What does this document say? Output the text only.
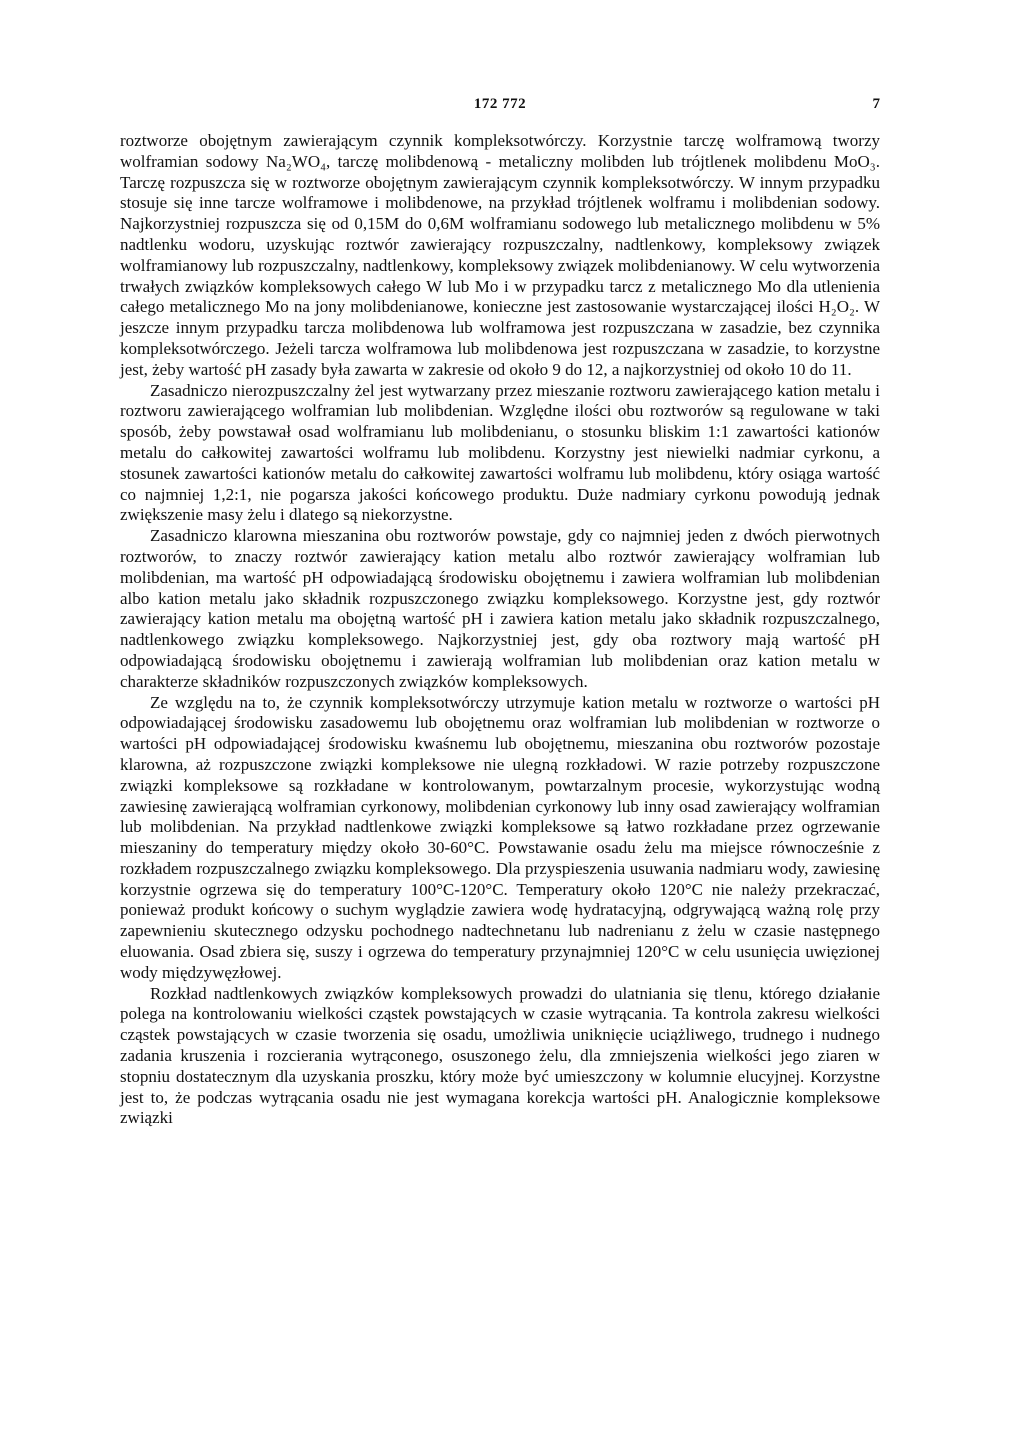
172 772	7

roztworze obojętnym zawierającym czynnik kompleksotwórczy. Korzystnie tarczę wolframową tworzy wolframian sodowy Na₂WO₄, tarczę molibdenową - metaliczny molibden lub trójtlenek molibdenu MoO₃. Tarczę rozpuszcza się w roztworze obojętnym zawierającym czynnik kompleksotwórczy. W innym przypadku stosuje się inne tarcze wolframowe i molibdenowe, na przykład trójtlenek wolframu i molibdenian sodowy. Najkorzystniej rozpuszcza się od 0,15M do 0,6M wolframianu sodowego lub metalicznego molibdenu w 5% nadtlenku wodoru, uzyskując roztwór zawierający rozpuszczalny, nadtlenkowy, kompleksowy związek wolframianowy lub rozpuszczalny, nadtlenkowy, kompleksowy związek molibdenianowy. W celu wytworzenia trwałych związków kompleksowych całego W lub Mo i w przypadku tarcz z metalicznego Mo dla utlenienia całego metalicznego Mo na jony molibdenianowe, konieczne jest zastosowanie wystarczającej ilości H₂O₂. W jeszcze innym przypadku tarcza molibdenowa lub wolframowa jest rozpuszczana w zasadzie, bez czynnika kompleksotwórczego. Jeżeli tarcza wolframowa lub molibdenowa jest rozpuszczana w zasadzie, to korzystne jest, żeby wartość pH zasady była zawarta w zakresie od około 9 do 12, a najkorzystniej od około 10 do 11.

Zasadniczo nierozpuszczalny żel jest wytwarzany przez mieszanie roztworu zawierającego kation metalu i roztworu zawierającego wolframian lub molibdenian. Względne ilości obu roztworów są regulowane w taki sposób, żeby powstawał osad wolframianu lub molibdenianu, o stosunku bliskim 1:1 zawartości kationów metalu do całkowitej zawartości wolframu lub molibdenu. Korzystny jest niewielki nadmiar cyrkonu, a stosunek zawartości kationów metalu do całkowitej zawartości wolframu lub molibdenu, który osiąga wartość co najmniej 1,2:1, nie pogarsza jakości końcowego produktu. Duże nadmiary cyrkonu powodują jednak zwiększenie masy żelu i dlatego są niekorzystne.

Zasadniczo klarowna mieszanina obu roztworów powstaje, gdy co najmniej jeden z dwóch pierwotnych roztworów, to znaczy roztwór zawierający kation metalu albo roztwór zawierający wolframian lub molibdenian, ma wartość pH odpowiadającą środowisku obojętnemu i zawiera wolframian lub molibdenian albo kation metalu jako składnik rozpuszczonego związku kompleksowego. Korzystne jest, gdy roztwór zawierający kation metalu ma obojętną wartość pH i zawiera kation metalu jako składnik rozpuszczalnego, nadtlenkowego związku kompleksowego. Najkorzystniej jest, gdy oba roztwory mają wartość pH odpowiadającą środowisku obojętnemu i zawierają wolframian lub molibdenian oraz kation metalu w charakterze składników rozpuszczonych związków kompleksowych.

Ze względu na to, że czynnik kompleksotwórczy utrzymuje kation metalu w roztworze o wartości pH odpowiadającej środowisku zasadowemu lub obojętnemu oraz wolframian lub molibdenian w roztworze o wartości pH odpowiadającej środowisku kwaśnemu lub obojętnemu, mieszanina obu roztworów pozostaje klarowna, aż rozpuszczone związki kompleksowe nie ulegną rozkładowi. W razie potrzeby rozpuszczone związki kompleksowe są rozkładane w kontrolowanym, powtarzalnym procesie, wykorzystując wodną zawiesinę zawierającą wolframian cyrkonowy, molibdenian cyrkonowy lub inny osad zawierający wolframian lub molibdenian. Na przykład nadtlenkowe związki kompleksowe są łatwo rozkładane przez ogrzewanie mieszaniny do temperatury między około 30-60°C. Powstawanie osadu żelu ma miejsce równocześnie z rozkładem rozpuszczalnego związku kompleksowego. Dla przyspieszenia usuwania nadmiaru wody, zawiesinę korzystnie ogrzewa się do temperatury 100°C-120°C. Temperatury około 120°C nie należy przekraczać, ponieważ produkt końcowy o suchym wyglądzie zawiera wodę hydratacyjną, odgrywającą ważną rolę przy zapewnieniu skutecznego odzysku pochodnego nadtechnetanu lub nadrenianu z żelu w czasie następnego eluowania. Osad zbiera się, suszy i ogrzewa do temperatury przynajmniej 120°C w celu usunięcia uwięzionej wody międzywęzłowej.

Rozkład nadtlenkowych związków kompleksowych prowadzi do ulatniania się tlenu, którego działanie polega na kontrolowaniu wielkości cząstek powstających w czasie wytrącania. Ta kontrola zakresu wielkości cząstek powstających w czasie tworzenia się osadu, umożliwia uniknięcie uciążliwego, trudnego i nudnego zadania kruszenia i rozcierania wytrąconego, osuszonego żelu, dla zmniejszenia wielkości jego ziaren w stopniu dostatecznym dla uzyskania proszku, który może być umieszczony w kolumnie elucyjnej. Korzystne jest to, że podczas wytrącania osadu nie jest wymagana korekcja wartości pH. Analogicznie kompleksowe związki
